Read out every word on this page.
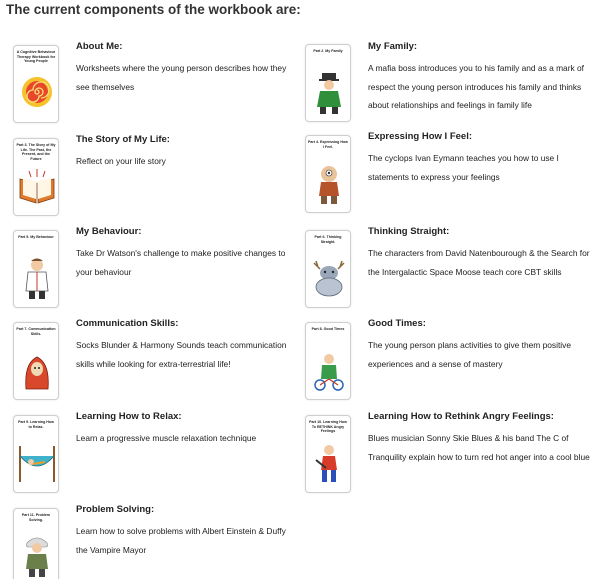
The current components of the workbook are:
A Cognitive Behaviour Therapy Workbook for Young People
About Me:
Worksheets where the young person describes how they see themselves
Part 2. My Family	My Family:
A mafia boss introduces you to his family and as a mark of respect the young person introduces his family and thinks about relationships and feelings in family life
Part 3. The Story of My Life. The Past, the Present, and the Future
The Story of My Life:
Reflect on your life story
Part 4. Expressing How I Feel.
Expressing How I Feel:
The cyclops Ivan Eymann teaches you how to use I statements to express your feelings
Part 5. My Behaviour My Behaviour:
Take Dr Watson's challenge to make positive changes to your behaviour
Part 6. Thinking Straight.
Thinking Straight:
The characters from David Natenbourough & the Search for the Intergalactic Space Moose teach core CBT skills
Part 7. Communication Skills.
Communication Skills:
Socks Blunder & Harmony Sounds teach communication skills while looking for extra-terrestrial life!
Part 8. Good Times	Good Times:
The young person plans activities to give them positive experiences and a sense of mastery
Part 9. Learning How to Relax.
Learning How to Relax:
Learn a progressive muscle relaxation technique
Part 10. Learning How To RETHINK Angry Feelings
Learning How to Rethink Angry Feelings:
Blues musician Sonny Skie Blues & his band The C of Tranquility explain how to turn red hot anger into a cool blue
Part 11. Problem Solving.
Problem Solving:
Learn how to solve problems with Albert Einstein & Duffy the Vampire Mayor
